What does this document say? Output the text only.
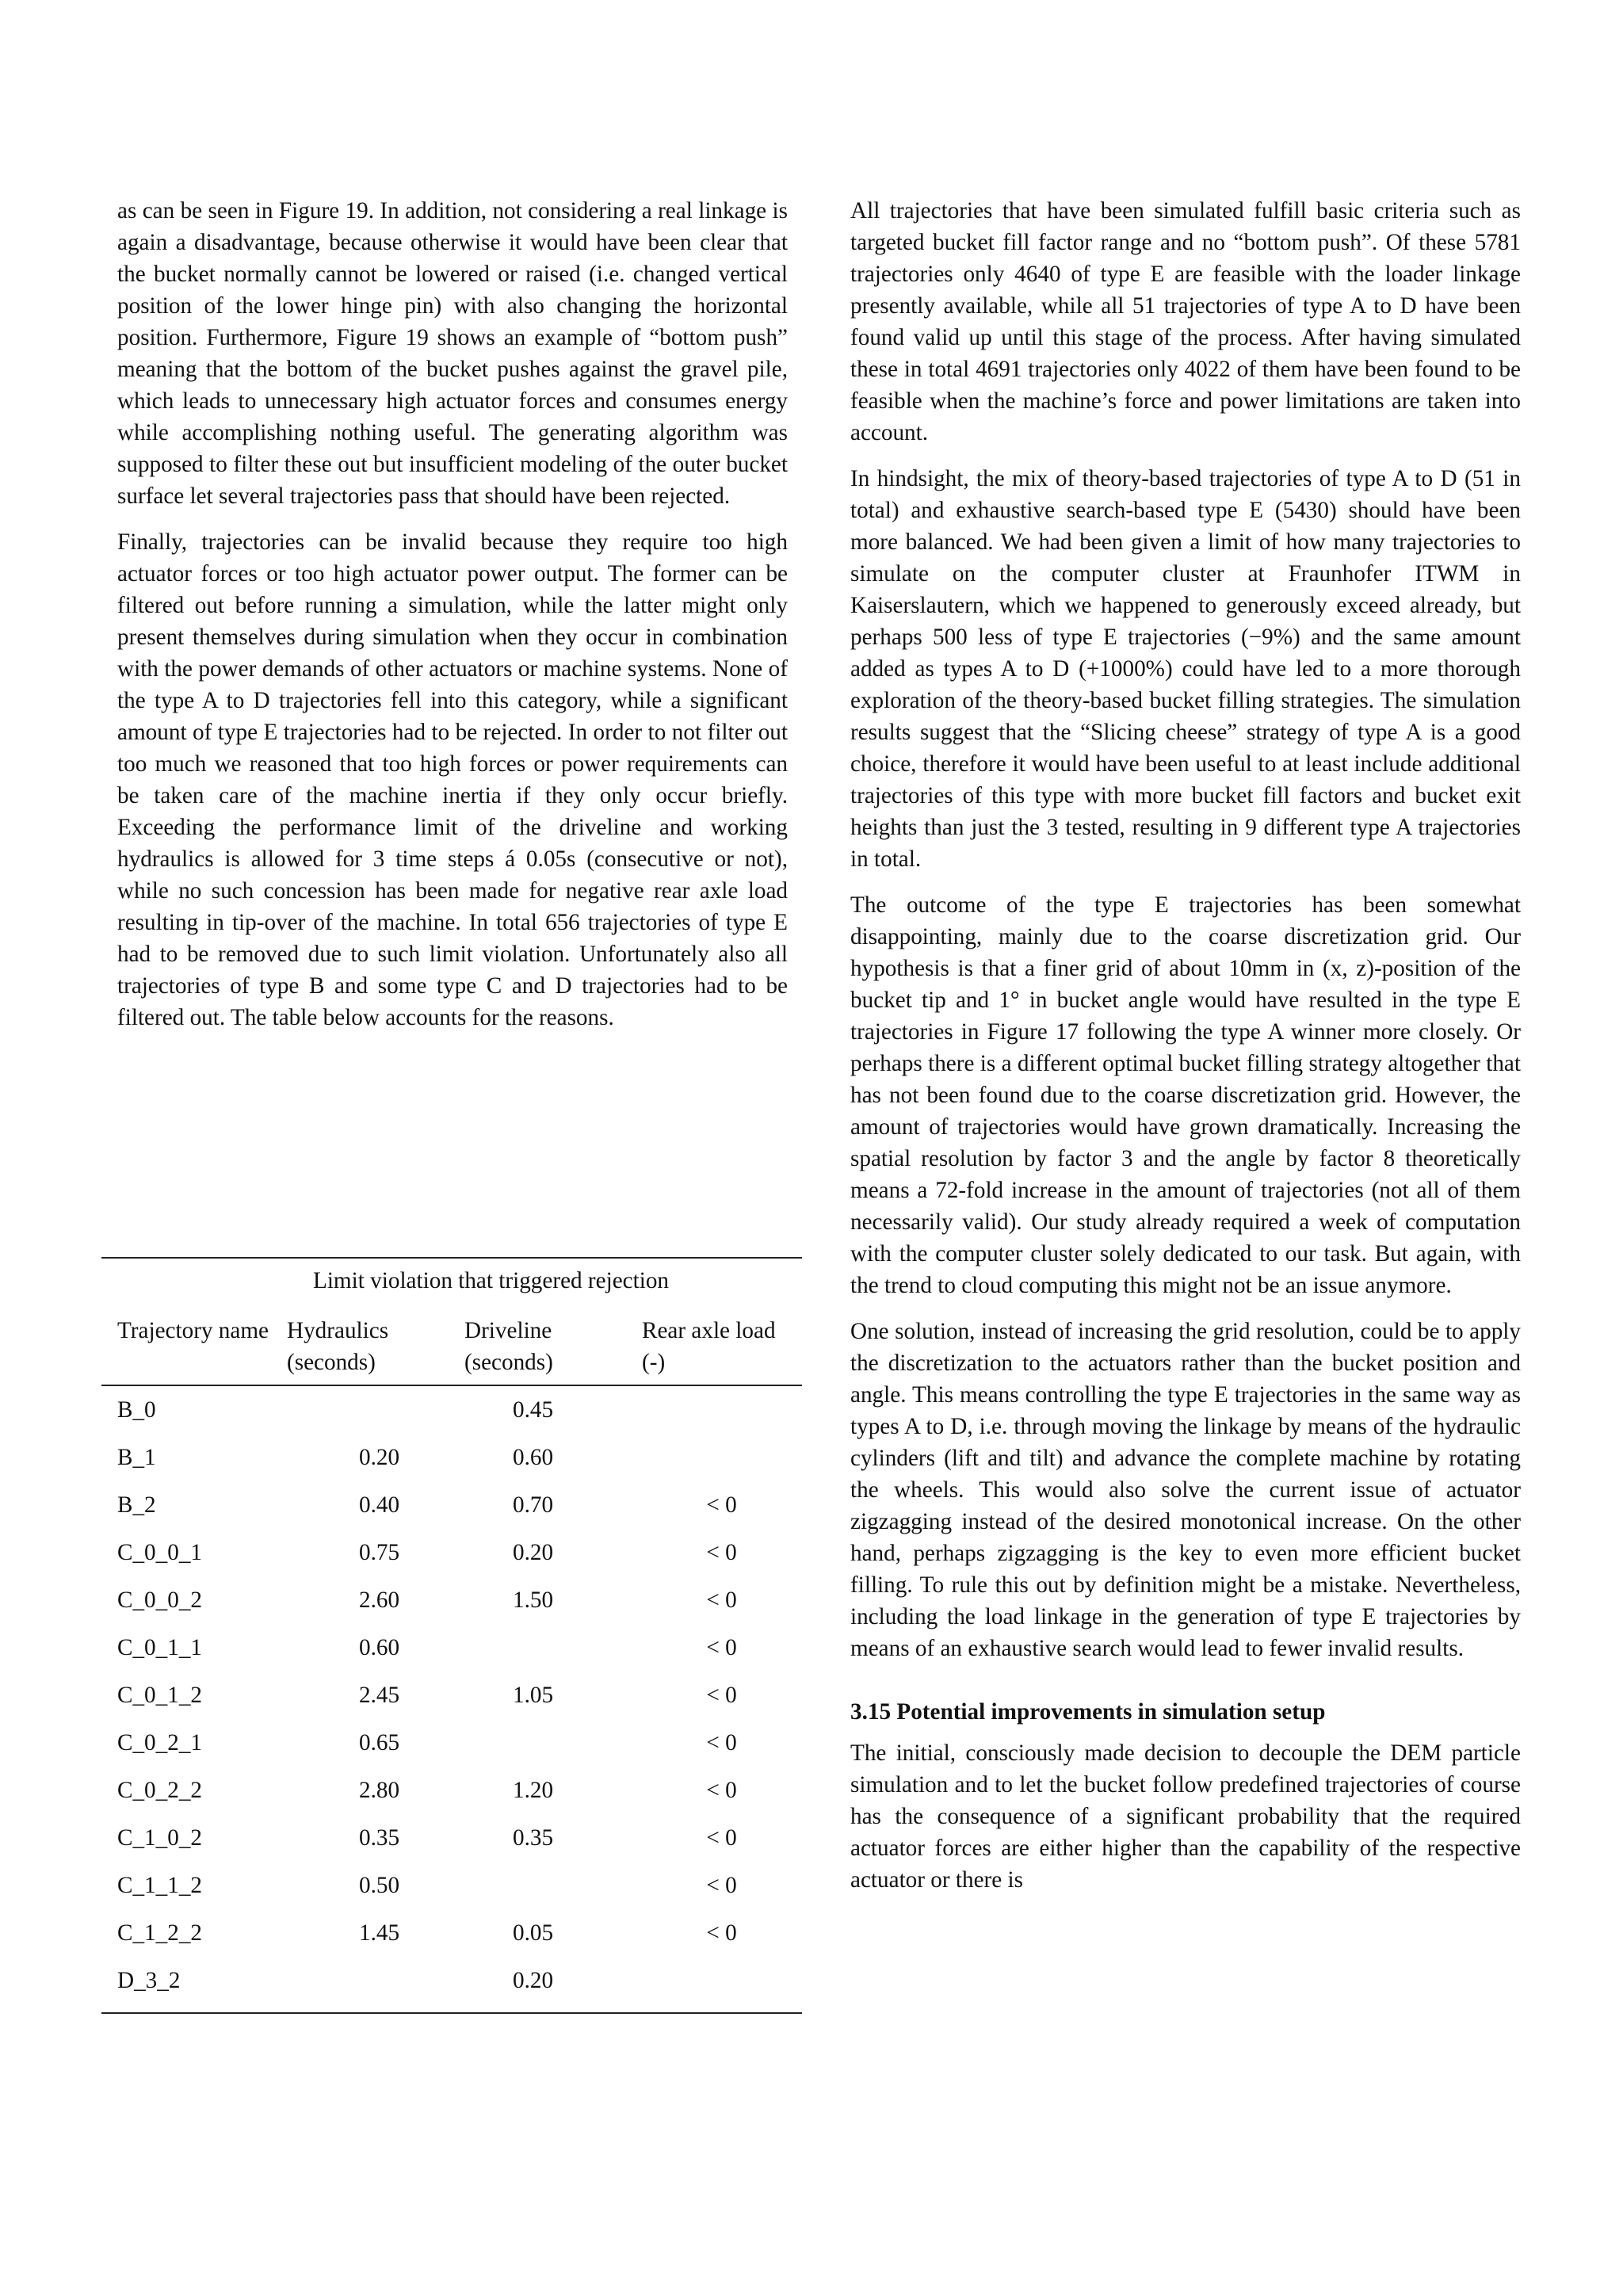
as can be seen in Figure 19. In addition, not considering a real linkage is again a disadvantage, because otherwise it would have been clear that the bucket normally cannot be lowered or raised (i.e. changed vertical position of the lower hinge pin) with also changing the horizontal position. Furthermore, Figure 19 shows an example of “bottom push” meaning that the bottom of the bucket pushes against the gravel pile, which leads to unnecessary high actuator forces and consumes energy while accomplishing nothing useful. The generating algorithm was supposed to filter these out but insufficient modeling of the outer bucket surface let several trajectories pass that should have been rejected.

Finally, trajectories can be invalid because they require too high actuator forces or too high actuator power output. The former can be filtered out before running a simulation, while the latter might only present themselves during simulation when they occur in combination with the power demands of other actuators or machine systems. None of the type A to D trajectories fell into this category, while a significant amount of type E trajectories had to be rejected. In order to not filter out too much we reasoned that too high forces or power requirements can be taken care of the machine inertia if they only occur briefly. Exceeding the performance limit of the driveline and working hydraulics is allowed for 3 time steps á 0.05s (consecutive or not), while no such concession has been made for negative rear axle load resulting in tip-over of the machine. In total 656 trajectories of type E had to be removed due to such limit violation. Unfortunately also all trajectories of type B and some type C and D trajectories had to be filtered out. The table below accounts for the reasons.

Limit violation that triggered rejection			
Trajectory name	Hydraulics (seconds)	Driveline (seconds)	Rear axle load (-)
B_0		0.45	
B_1	0.20	0.60	
B_2	0.40	0.70	< 0
C_0_0_1	0.75	0.20	< 0
C_0_0_2	2.60	1.50	< 0
C_0_1_1	0.60		< 0
C_0_1_2	2.45	1.05	< 0
C_0_2_1	0.65		< 0
C_0_2_2	2.80	1.20	< 0
C_1_0_2	0.35	0.35	< 0
C_1_1_2	0.50		< 0
C_1_2_2	1.45	0.05	< 0
D_3_2		0.20	

All trajectories that have been simulated fulfill basic criteria such as targeted bucket fill factor range and no “bottom push”. Of these 5781 trajectories only 4640 of type E are feasible with the loader linkage presently available, while all 51 trajectories of type A to D have been found valid up until this stage of the process. After having simulated these in total 4691 trajectories only 4022 of them have been found to be feasible when the machine’s force and power limitations are taken into account.

In hindsight, the mix of theory-based trajectories of type A to D (51 in total) and exhaustive search-based type E (5430) should have been more balanced. We had been given a limit of how many trajectories to simulate on the computer cluster at Fraunhofer ITWM in Kaiserslautern, which we happened to generously exceed already, but perhaps 500 less of type E trajectories (−9%) and the same amount added as types A to D (+1000%) could have led to a more thorough exploration of the theory-based bucket filling strategies. The simulation results suggest that the “Slicing cheese” strategy of type A is a good choice, therefore it would have been useful to at least include additional trajectories of this type with more bucket fill factors and bucket exit heights than just the 3 tested, resulting in 9 different type A trajectories in total.

The outcome of the type E trajectories has been somewhat disappointing, mainly due to the coarse discretization grid. Our hypothesis is that a finer grid of about 10mm in (x, z)-position of the bucket tip and 1° in bucket angle would have resulted in the type E trajectories in Figure 17 following the type A winner more closely. Or perhaps there is a different optimal bucket filling strategy altogether that has not been found due to the coarse discretization grid. However, the amount of trajectories would have grown dramatically. Increasing the spatial resolution by factor 3 and the angle by factor 8 theoretically means a 72-fold increase in the amount of trajectories (not all of them necessarily valid). Our study already required a week of computation with the computer cluster solely dedicated to our task. But again, with the trend to cloud computing this might not be an issue anymore.

One solution, instead of increasing the grid resolution, could be to apply the discretization to the actuators rather than the bucket position and angle. This means controlling the type E trajectories in the same way as types A to D, i.e. through moving the linkage by means of the hydraulic cylinders (lift and tilt) and advance the complete machine by rotating the wheels. This would also solve the current issue of actuator zigzagging instead of the desired monotonical increase. On the other hand, perhaps zigzagging is the key to even more efficient bucket filling. To rule this out by definition might be a mistake. Nevertheless, including the load linkage in the generation of type E trajectories by means of an exhaustive search would lead to fewer invalid results.

3.15 Potential improvements in simulation setup

The initial, consciously made decision to decouple the DEM particle simulation and to let the bucket follow predefined trajectories of course has the consequence of a significant probability that the required actuator forces are either higher than the capability of the respective actuator or there is
